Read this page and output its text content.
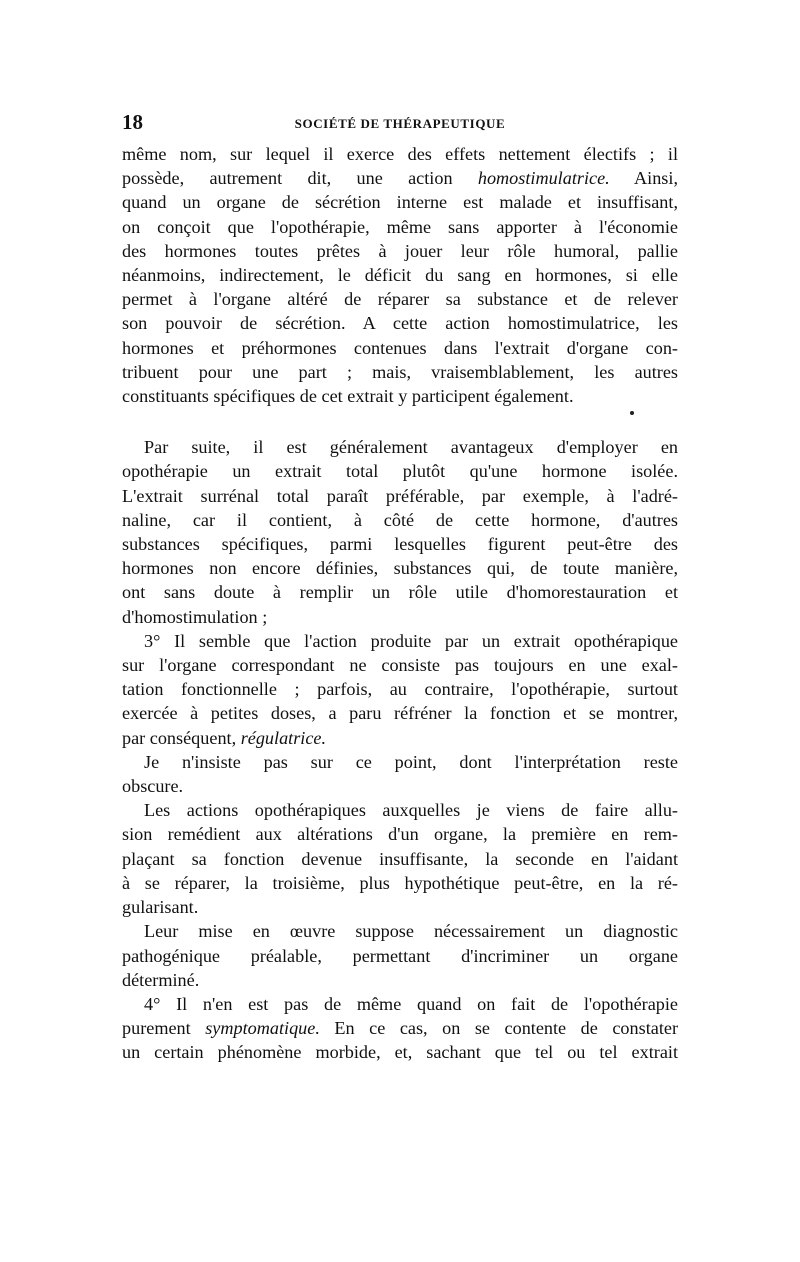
18	SOCIÉTÉ DE THÉRAPEUTIQUE

même nom, sur lequel il exerce des effets nettement électifs ; il
possède, autrement dit, une action homostimulatrice. Ainsi,
quand un organe de sécrétion interne est malade et insuffisant,
on conçoit que l'opothérapie, même sans apporter à l'économie
des hormones toutes prêtes à jouer leur rôle humoral, pallie
néanmoins, indirectement, le déficit du sang en hormones, si elle
permet à l'organe altéré de réparer sa substance et de relever
son pouvoir de sécrétion. A cette action homostimulatrice, les
hormones et préhormones contenues dans l'extrait d'organe con-
tribuent pour une part ; mais, vraisemblablement, les autres
constituants spécifiques de cet extrait y participent également.

Par suite, il est généralement avantageux d'employer en
opothérapie un extrait total plutôt qu'une hormone isolée.
L'extrait surrénal total paraît préférable, par exemple, à l'adré-
naline, car il contient, à côté de cette hormone, d'autres
substances spécifiques, parmi lesquelles figurent peut-être des
hormones non encore définies, substances qui, de toute manière,
ont sans doute à remplir un rôle utile d'homorestauration et
d'homostimulation ;

3° Il semble que l'action produite par un extrait opothérapique
sur l'organe correspondant ne consiste pas toujours en une exal-
tation fonctionnelle ; parfois, au contraire, l'opothérapie, surtout
exercée à petites doses, a paru réfréner la fonction et se montrer,
par conséquent, régulatrice.

Je n'insiste pas sur ce point, dont l'interprétation reste
obscure.

Les actions opothérapiques auxquelles je viens de faire allu-
sion remédient aux altérations d'un organe, la première en rem-
plaçant sa fonction devenue insuffisante, la seconde en l'aidant
à se réparer, la troisième, plus hypothétique peut-être, en la ré-
gularisant.

Leur mise en œuvre suppose nécessairement un diagnostic
pathogénique préalable, permettant d'incriminer un organe
déterminé.

4° Il n'en est pas de même quand on fait de l'opothérapie
purement symptomatique. En ce cas, on se contente de constater
un certain phénomène morbide, et, sachant que tel ou tel extrait
